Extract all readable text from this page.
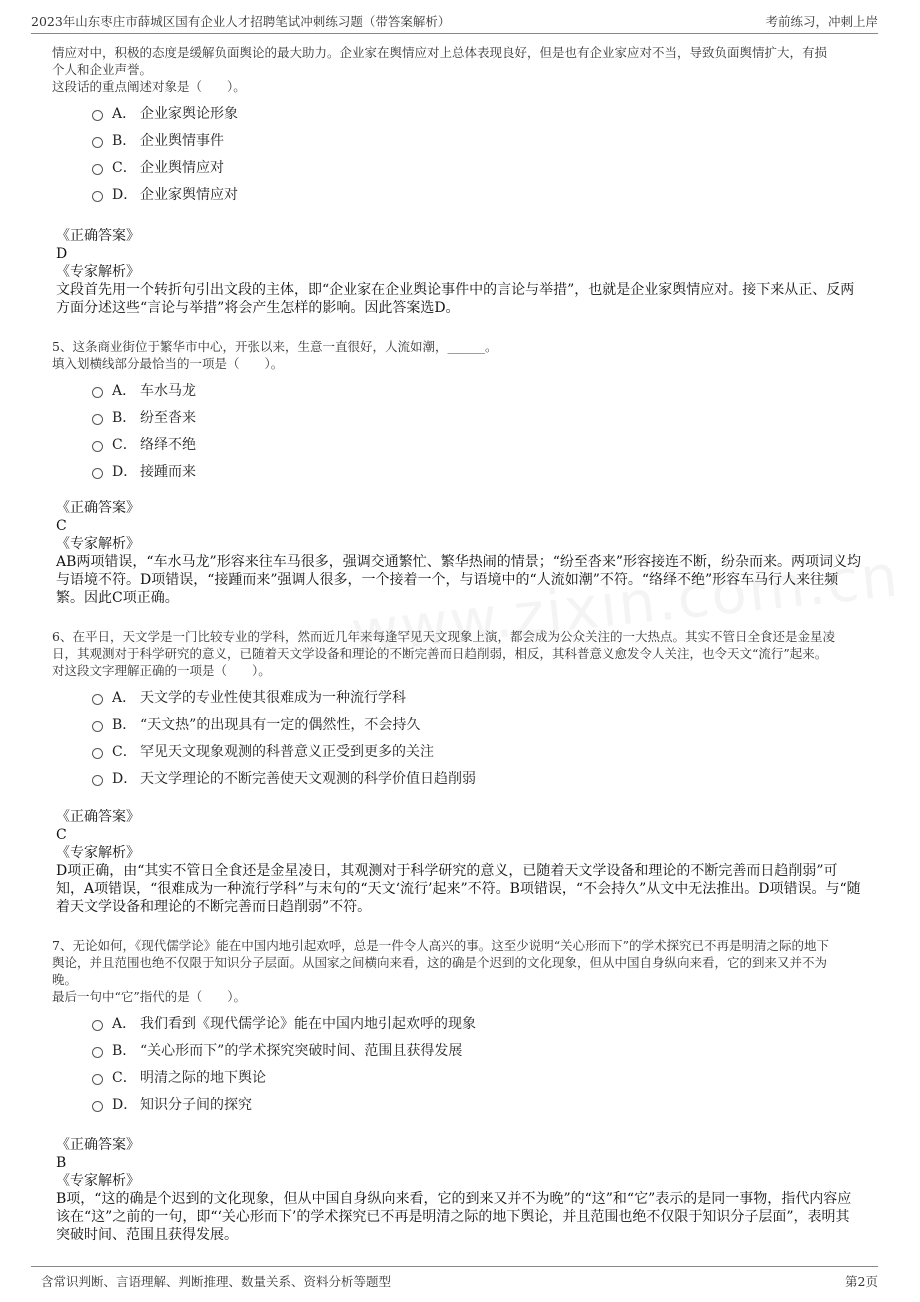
2023年山东枣庄市薛城区国有企业人才招聘笔试冲刺练习题（带答案解析）	考前练习，冲刺上岸

情应对中，积极的态度是缓解负面舆论的最大助力。企业家在舆情应对上总体表现良好，但是也有企业家应对不当，导致负面舆情扩大，有损

个人和企业声誉。

这段话的重点阐述对象是（　　）。

A． 企业家舆论形象
B． 企业舆情事件
C． 企业舆情应对
D． 企业家舆情应对
《正确答案》
D
《专家解析》
文段首先用一个转折句引出文段的主体，即“企业家在企业舆论事件中的言论与举措”，也就是企业家舆情应对。接下来从正、反两方面分述这些“言论与举措”将会产生怎样的影响。因此答案选D。

5、这条商业街位于繁华市中心，开张以来，生意一直很好，人流如潮，______。

填入划横线部分最恰当的一项是（　　）。

A． 车水马龙
B． 纷至沓来
C． 络绎不绝
D． 接踵而来
《正确答案》
C
《专家解析》
AB两项错误，“车水马龙”形容来往车马很多，强调交通繁忙、繁华热闹的情景；“纷至沓来”形容接连不断，纷杂而来。两项词义均与语境不符。D项错误，“接踵而来”强调人很多，一个接着一个，与语境中的“人流如潮”不符。“络绎不绝”形容车马行人来往频繁。因此C项正确。

6、在平日，天文学是一门比较专业的学科，然而近几年来每逢罕见天文现象上演，都会成为公众关注的一大热点。其实不管日全食还是金星凌

日，其观测对于科学研究的意义，已随着天文学设备和理论的不断完善而日趋削弱，相反，其科普意义愈发令人关注，也令天文“流行”起来。

对这段文字理解正确的一项是（　　）。

A． 天文学的专业性使其很难成为一种流行学科
B． “天文热”的出现具有一定的偶然性，不会持久
C． 罕见天文现象观测的科普意义正受到更多的关注
D． 天文学理论的不断完善使天文观测的科学价值日趋削弱
《正确答案》
C
《专家解析》
D项正确，由“其实不管日全食还是金星凌日，其观测对于科学研究的意义，已随着天文学设备和理论的不断完善而日趋削弱”可知，A项错误，“很难成为一种流行学科”与末句的“天文‘流行’起来”不符。B项错误，“不会持久”从文中无法推出。D项错误。与“随着天文学设备和理论的不断完善而日趋削弱”不符。

7、无论如何，《现代儒学论》能在中国内地引起欢呼，总是一件令人高兴的事。这至少说明“关心形而下”的学术探究已不再是明清之际的地下

舆论，并且范围也绝不仅限于知识分子层面。从国家之间横向来看，这的确是个迟到的文化现象，但从中国自身纵向来看，它的到来又并不为

晚。

最后一句中“它”指代的是（　　）。

A． 我们看到《现代儒学论》能在中国内地引起欢呼的现象
B． “关心形而下”的学术探究突破时间、范围且获得发展
C． 明清之际的地下舆论
D． 知识分子间的探究
《正确答案》
B
《专家解析》
B项，“这的确是个迟到的文化现象，但从中国自身纵向来看，它的到来又并不为晚”的“这”和“它”表示的是同一事物，指代内容应该在“这”之前的一句，即“‘关心形而下’的学术探究已不再是明清之际的地下舆论，并且范围也绝不仅限于知识分子层面”，表明其突破时间、范围且获得发展。
含常识判断、言语理解、判断推理、数量关系、资料分析等题型	第2页
